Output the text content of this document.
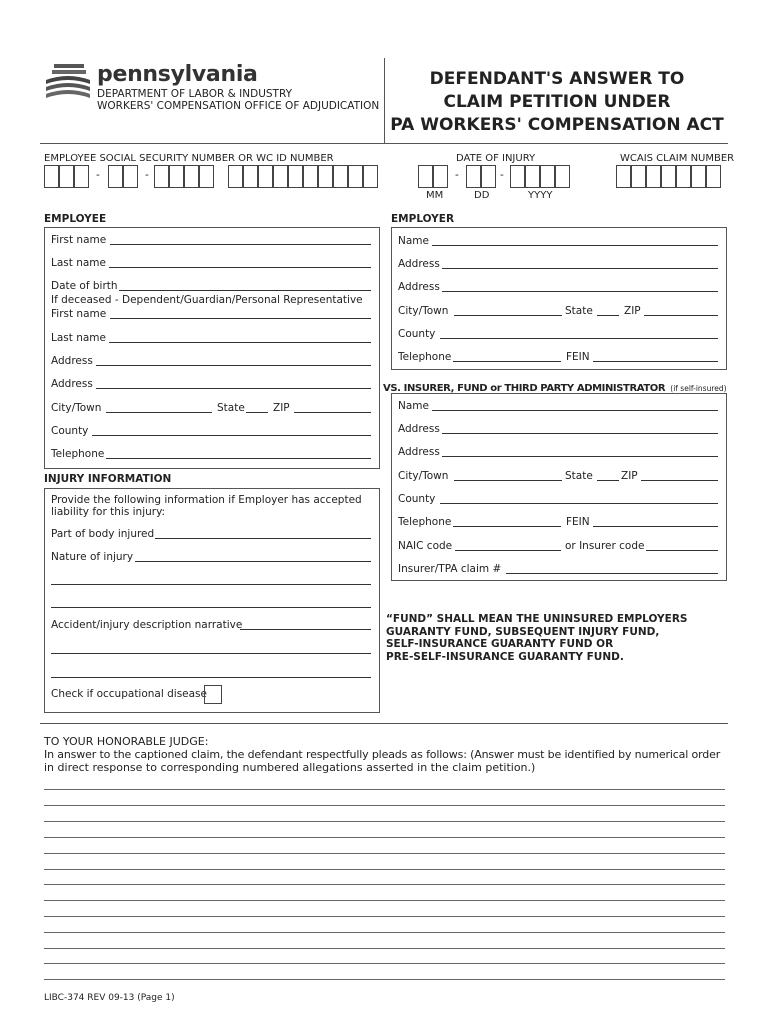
pennsylvania
DEPARTMENT OF LABOR & INDUSTRY
WORKERS' COMPENSATION OFFICE OF ADJUDICATION
DEFENDANT'S ANSWER TO
CLAIM PETITION UNDER
PA WORKERS' COMPENSATION ACT
EMPLOYEE SOCIAL SECURITY NUMBER OR WC ID NUMBER	DATE OF INJURY	WCAIS CLAIM NUMBER
-	-	-	-
MM	DD	YYYY
EMPLOYEE
First name
Last name
Date of birth
If deceased - Dependent/Guardian/Personal Representative
First name
Last name
Address
Address
City/Town	State	ZIP
County
Telephone
INJURY INFORMATION
Provide the following information if Employer has accepted
liability for this injury:
Part of body injured
Nature of injury
Accident/injury description narrative
Check if occupational disease
EMPLOYER
Name
Address
Address
City/Town	State	ZIP
County
Telephone	FEIN
VS. INSURER, FUND or THIRD PARTY ADMINISTRATOR (if self-insured)
Name
Address
Address
City/Town	State	ZIP
County
Telephone	FEIN
NAIC code	or Insurer code
Insurer/TPA claim #
“FUND” SHALL MEAN THE UNINSURED EMPLOYERS
GUARANTY FUND, SUBSEQUENT INJURY FUND,
SELF-INSURANCE GUARANTY FUND OR
PRE-SELF-INSURANCE GUARANTY FUND.
TO YOUR HONORABLE JUDGE:
In answer to the captioned claim, the defendant respectfully pleads as follows: (Answer must be identified by numerical order
in direct response to corresponding numbered allegations asserted in the claim petition.)
LIBC-374 REV 09-13 (Page 1)
